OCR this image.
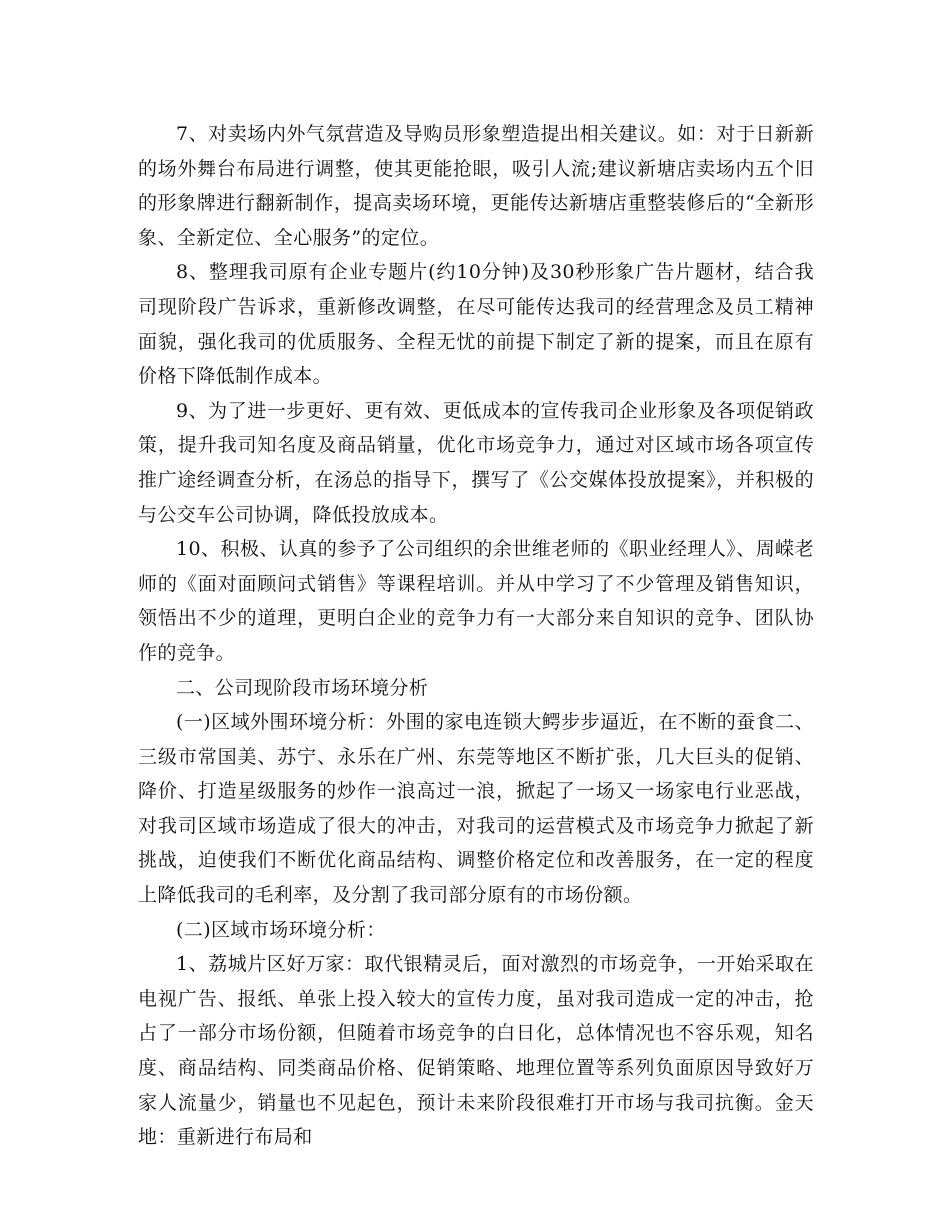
7、对卖场内外气氛营造及导购员形象塑造提出相关建议。如：对于日新新的场外舞台布局进行调整，使其更能抢眼，吸引人流;建议新塘店卖场内五个旧的形象牌进行翻新制作，提高卖场环境，更能传达新塘店重整装修后的“全新形象、全新定位、全心服务”的定位。

8、整理我司原有企业专题片(约10分钟)及30秒形象广告片题材，结合我司现阶段广告诉求，重新修改调整，在尽可能传达我司的经营理念及员工精神面貌，强化我司的优质服务、全程无忧的前提下制定了新的提案，而且在原有价格下降低制作成本。

9、为了进一步更好、更有效、更低成本的宣传我司企业形象及各项促销政策，提升我司知名度及商品销量，优化市场竞争力，通过对区域市场各项宣传推广途经调查分析，在汤总的指导下，撰写了《公交媒体投放提案》，并积极的与公交车公司协调，降低投放成本。

10、积极、认真的参予了公司组织的余世维老师的《职业经理人》、周嵘老师的《面对面顾问式销售》等课程培训。并从中学习了不少管理及销售知识，领悟出不少的道理，更明白企业的竞争力有一大部分来自知识的竞争、团队协作的竞争。

二、公司现阶段市场环境分析

(一)区域外围环境分析：外围的家电连锁大鳄步步逼近，在不断的蚕食二、三级市常国美、苏宁、永乐在广州、东莞等地区不断扩张，几大巨头的促销、降价、打造星级服务的炒作一浪高过一浪，掀起了一场又一场家电行业恶战，对我司区域市场造成了很大的冲击，对我司的运营模式及市场竞争力掀起了新挑战，迫使我们不断优化商品结构、调整价格定位和改善服务，在一定的程度上降低我司的毛利率，及分割了我司部分原有的市场份额。

(二)区域市场环境分析：

1、荔城片区好万家：取代银精灵后，面对激烈的市场竞争，一开始采取在电视广告、报纸、单张上投入较大的宣传力度，虽对我司造成一定的冲击，抢占了一部分市场份额，但随着市场竞争的白日化，总体情况也不容乐观，知名度、商品结构、同类商品价格、促销策略、地理位置等系列负面原因导致好万家人流量少，销量也不见起色，预计未来阶段很难打开市场与我司抗衡。金天地：重新进行布局和
